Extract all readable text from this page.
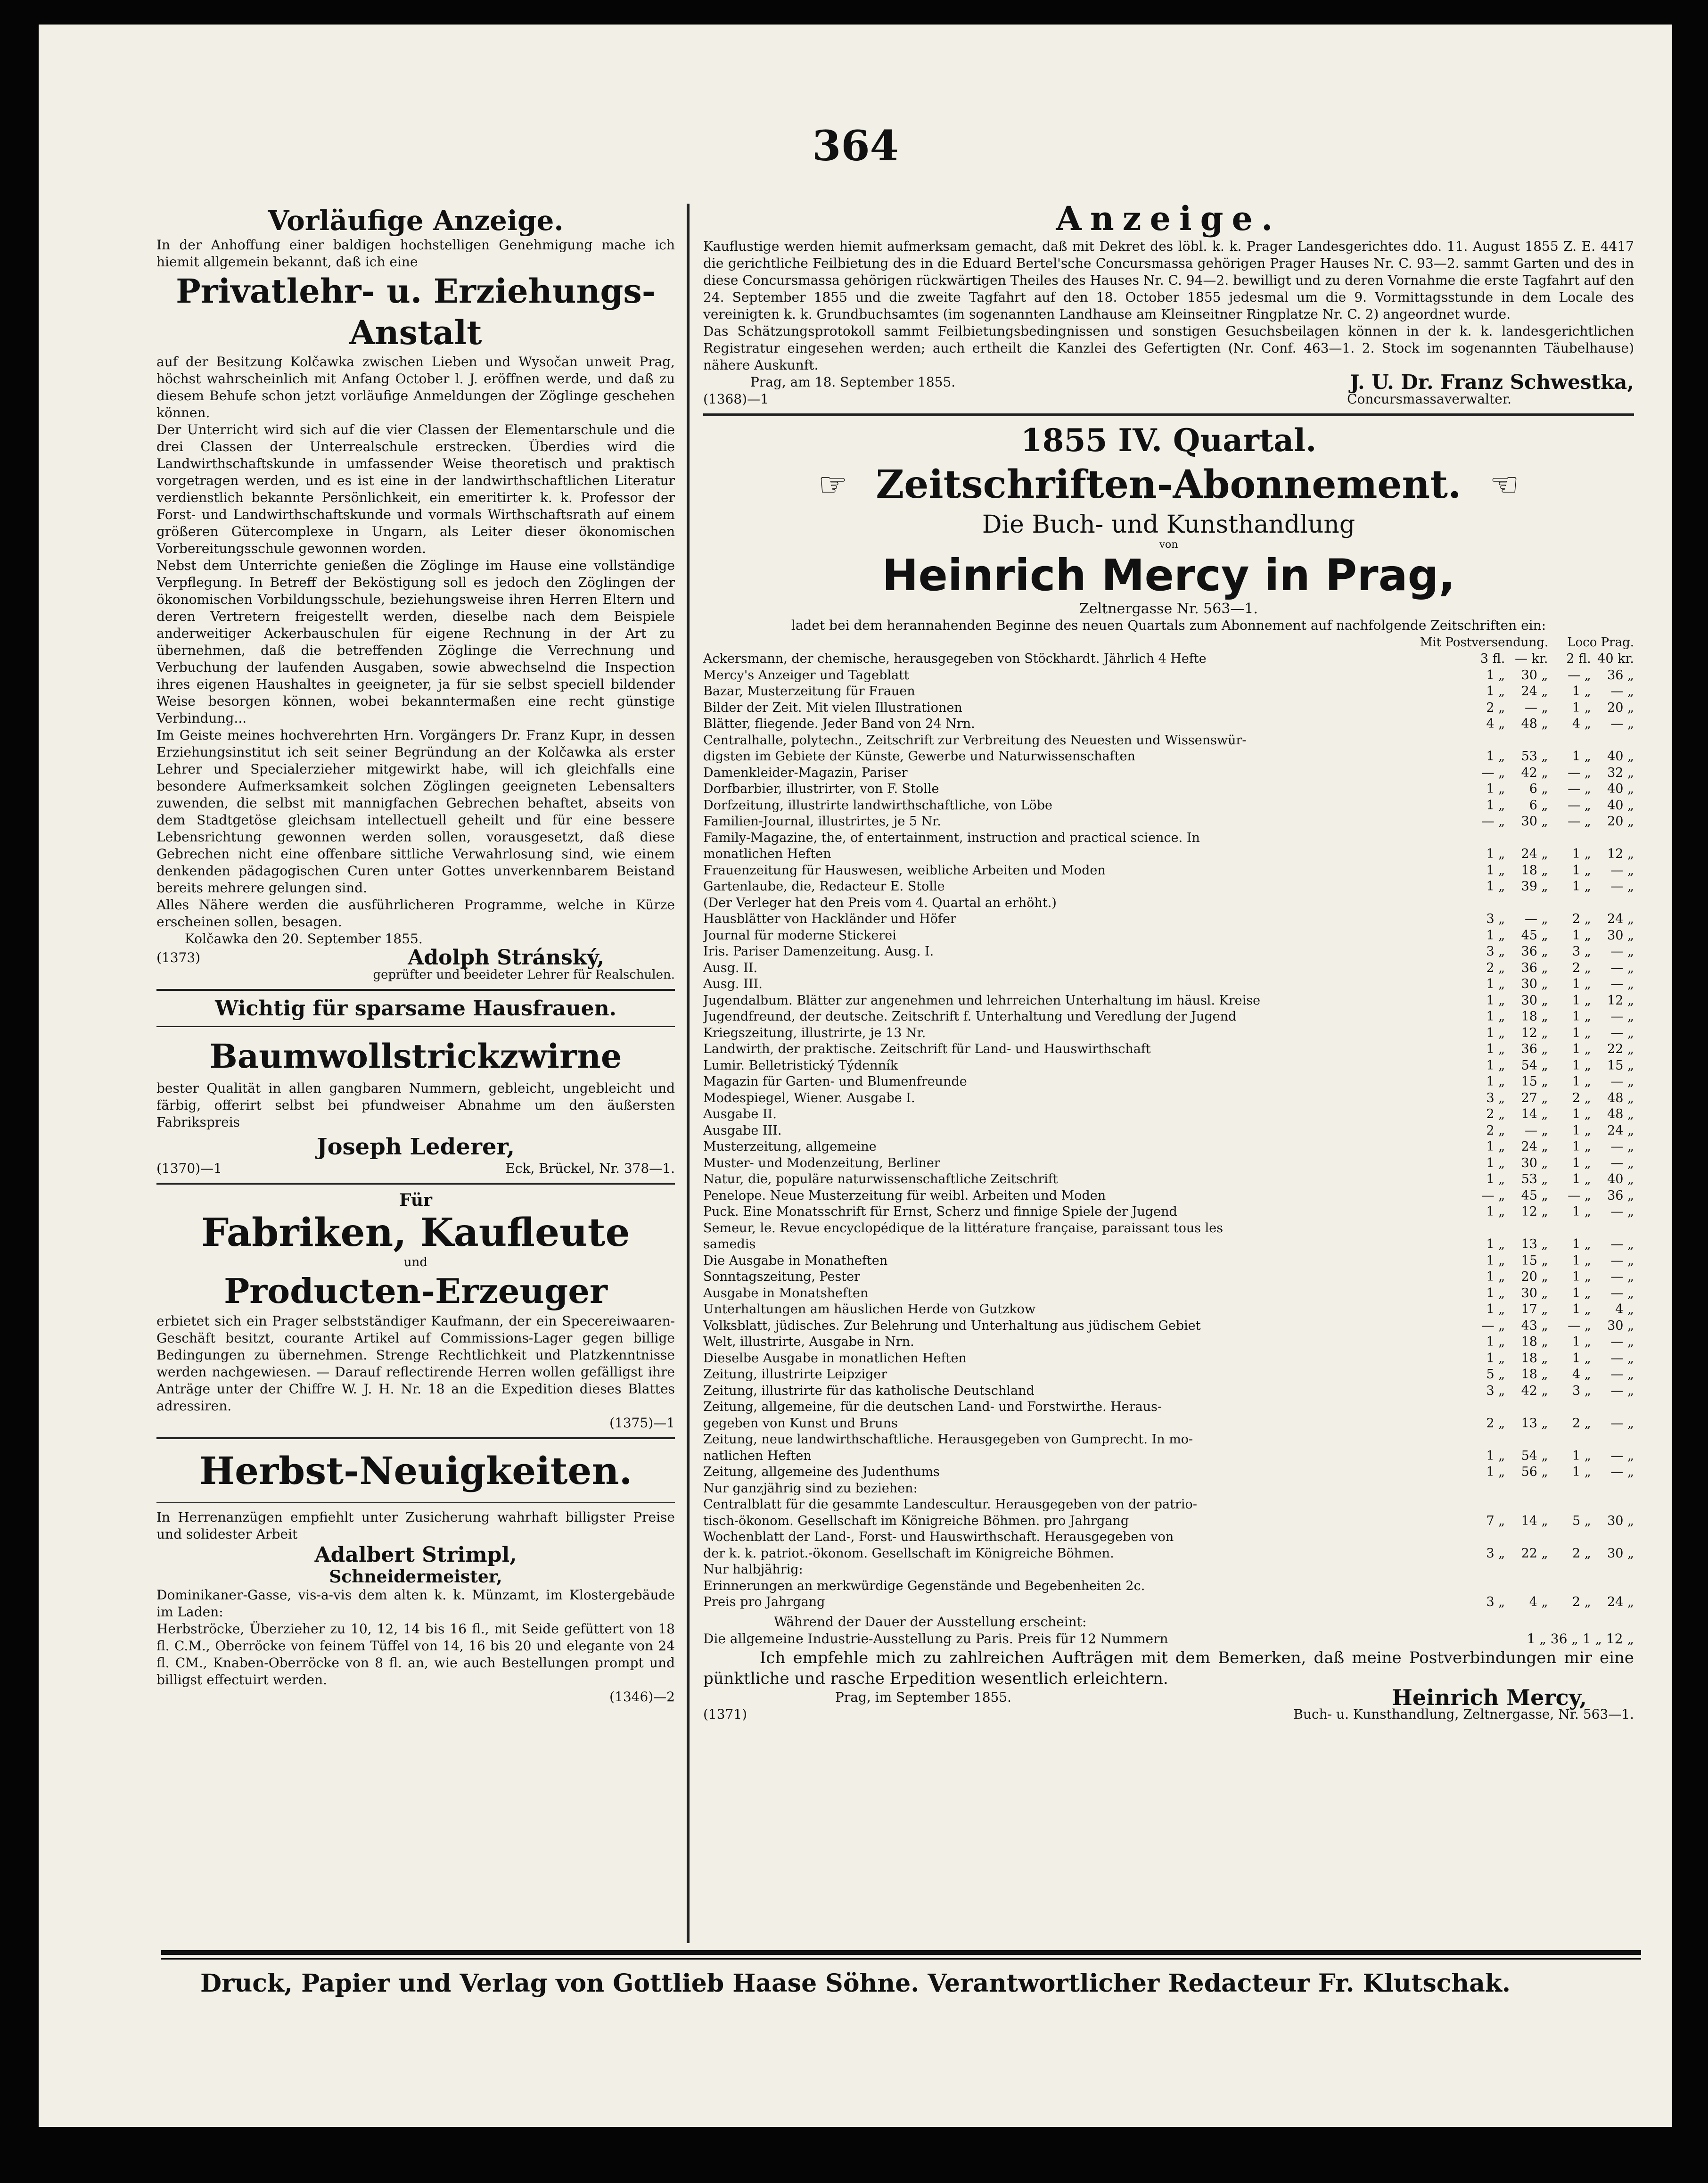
364
Vorläufige Anzeige.

In der Anhoffung einer baldigen hochstelligen Genehmigung mache ich hiemit allgemein bekannt, daß ich eine

Privatlehr- u. Erziehungs-Anstalt

auf der Besitzung Kolčawka zwischen Lieben und Wysočan unweit Prag, höchst wahrscheinlich mit Anfang October l. J. eröffnen werde, und daß zu diesem Behufe schon jetzt vorläufige Anmeldungen der Zöglinge geschehen können.

Der Unterricht wird sich auf die vier Classen der Elementarschule und die drei Classen der Unterrealschule erstrecken. Überdies wird die Landwirthschaftskunde in umfassender Weise theoretisch und praktisch vorgetragen werden, und es ist eine in der landwirthschaftlichen Literatur verdienstlich bekannte Persönlichkeit, ein emeritirter k. k. Professor der Forst- und Landwirthschaftskunde und vormals Wirthschaftsrath auf einem größeren Gütercomplexe in Ungarn, als Leiter dieser ökonomischen Vorbereitungsschule gewonnen worden.

Nebst dem Unterrichte genießen die Zöglinge im Hause eine vollständige Verpflegung. In Betreff der Beköstigung soll es jedoch den Zöglingen der ökonomischen Vorbildungsschule, beziehungsweise ihren Herren Eltern und deren Vertretern freigestellt werden, dieselbe nach dem Beispiele anderweitiger Ackerbauschulen für eigene Rechnung in der Art zu übernehmen, daß die betreffenden Zöglinge die Verrechnung und Verbuchung der laufenden Ausgaben, sowie abwechselnd die Inspection ihres eigenen Haushaltes in geeigneter, ja für sie selbst speciell bildender Weise besorgen können, wobei bekanntermaßen eine recht günstige Verbindung...

Im Geiste meines hochverehrten Hrn. Vorgängers Dr. Franz Kupr, in dessen Erziehungsinstitut ich seit seiner Begründung an der Kolčawka als erster Lehrer und Specialerzieher mitgewirkt habe, will ich gleichfalls eine besondere Aufmerksamkeit solchen Zöglingen geeigneten Lebensalters zuwenden, die selbst mit mannigfachen Gebrechen behaftet, abseits von dem Stadtgetöse gleichsam intellectuell geheilt und für eine bessere Lebensrichtung gewonnen werden sollen, vorausgesetzt, daß diese Gebrechen nicht eine offenbare sittliche Verwahrlosung sind, wie einem denkenden pädagogischen Curen unter Gottes unverkennbarem Beistand bereits mehrere gelungen sind.

Alles Nähere werden die ausführlicheren Programme, welche in Kürze erscheinen sollen, besagen.

Kolčawka den 20. September 1855.

(1373)	Adolph Stránský,

geprüfter und beeideter Lehrer für Realschulen.

Wichtig für sparsame Hausfrauen.
Baumwollstrickzwirne

bester Qualität in allen gangbaren Nummern, gebleicht, ungebleicht und färbig, offerirt selbst bei pfundweiser Abnahme um den äußersten Fabrikspreis

Joseph Lederer,

(1370)—1	Eck, Brückel, Nr. 378—1.

Für

Fabriken, Kaufleute

und

Producten-Erzeuger

erbietet sich ein Prager selbstständiger Kaufmann, der ein Specereiwaaren-Geschäft besitzt, courante Artikel auf Commissions-Lager gegen billige Bedingungen zu übernehmen. Strenge Rechtlichkeit und Platzkenntnisse werden nachgewiesen. — Darauf reflectirende Herren wollen gefälligst ihre Anträge unter der Chiffre W. J. H. Nr. 18 an die Expedition dieses Blattes adressiren.

(1375)—1

Herbst-Neuigkeiten.

In Herrenanzügen empfiehlt unter Zusicherung wahrhaft billigster Preise und solidester Arbeit

Adalbert Strimpl,

Schneidermeister,

Dominikaner-Gasse, vis-a-vis dem alten k. k. Münzamt, im Klostergebäude im Laden:

Herbströcke, Überzieher zu 10, 12, 14 bis 16 fl., mit Seide gefüttert von 18 fl. C.M., Oberröcke von feinem Tüffel von 14, 16 bis 20 und elegante von 24 fl. CM., Knaben-Oberröcke von 8 fl. an, wie auch Bestellungen prompt und billigst effectuirt werden.

(1346)—2

Anzeige.

Kauflustige werden hiemit aufmerksam gemacht, daß mit Dekret des löbl. k. k. Prager Landesgerichtes ddo. 11. August 1855 Z. E. 4417 die gerichtliche Feilbietung des in die Eduard Bertel'sche Concursmassa gehörigen Prager Hauses Nr. C. 93—2. sammt Garten und des in diese Concursmassa gehörigen rückwärtigen Theiles des Hauses Nr. C. 94—2. bewilligt und zu deren Vornahme die erste Tagfahrt auf den 24. September 1855 und die zweite Tagfahrt auf den 18. October 1855 jedesmal um die 9. Vormittagsstunde in dem Locale des vereinigten k. k. Grundbuchsamtes (im sogenannten Landhause am Kleinseitner Ringplatze Nr. C. 2) angeordnet wurde.

Das Schätzungsprotokoll sammt Feilbietungsbedingnissen und sonstigen Gesuchsbeilagen können in der k. k. landesgerichtlichen Registratur eingesehen werden; auch ertheilt die Kanzlei des Gefertigten (Nr. Conf. 463—1. 2. Stock im sogenannten Täubelhause) nähere Auskunft.

Prag, am 18. September 1855.	J. U. Dr. Franz Schwestka,
(1368)—1	Concursmassaverwalter.
1855 IV. Quartal.
☞ Zeitschriften-Abonnement. ☜

Die Buch- und Kunsthandlung

von

Heinrich Mercy in Prag,

Zeltnergasse Nr. 563—1.

ladet bei dem herannahenden Beginne des neuen Quartals zum Abonnement auf nachfolgende Zeitschriften ein:

Mit Postversendung. Loco Prag.
Ackersmann, der chemische, herausgegeben von Stöckhardt. Jährlich 4 Hefte	3 fl.	— kr.	2 fl.	40 kr.
Mercy's Anzeiger und Tageblatt	1 „	30 „	— „	36 „
Bazar, Musterzeitung für Frauen	1 „	24 „	1 „	— „
Bilder der Zeit. Mit vielen Illustrationen	2 „	— „	1 „	20 „
Blätter, fliegende. Jeder Band von 24 Nrn.	4 „	48 „	4 „	— „
Centralhalle, polytechn., Zeitschrift zur Verbreitung des Neuesten und Wissenswür-				
digsten im Gebiete der Künste, Gewerbe und Naturwissenschaften	1 „	53 „	1 „	40 „
Damenkleider-Magazin, Pariser	— „	42 „	— „	32 „
Dorfbarbier, illustrirter, von F. Stolle	1 „	6 „	— „	40 „
Dorfzeitung, illustrirte landwirthschaftliche, von Löbe	1 „	6 „	— „	40 „
Familien-Journal, illustrirtes, je 5 Nr.	— „	30 „	— „	20 „
Family-Magazine, the, of entertainment, instruction and practical science. In				
monatlichen Heften	1 „	24 „	1 „	12 „
Frauenzeitung für Hauswesen, weibliche Arbeiten und Moden	1 „	18 „	1 „	— „
Gartenlaube, die, Redacteur E. Stolle	1 „	39 „	1 „	— „
(Der Verleger hat den Preis vom 4. Quartal an erhöht.)				
Hausblätter von Hackländer und Höfer	3 „	— „	2 „	24 „
Journal für moderne Stickerei	1 „	45 „	1 „	30 „
Iris. Pariser Damenzeitung. Ausg. I.	3 „	36 „	3 „	— „
Ausg. II.	2 „	36 „	2 „	— „
Ausg. III.	1 „	30 „	1 „	— „
Jugendalbum. Blätter zur angenehmen und lehrreichen Unterhaltung im häusl. Kreise	1 „	30 „	1 „	12 „
Jugendfreund, der deutsche. Zeitschrift f. Unterhaltung und Veredlung der Jugend	1 „	18 „	1 „	— „
Kriegszeitung, illustrirte, je 13 Nr.	1 „	12 „	1 „	— „
Landwirth, der praktische. Zeitschrift für Land- und Hauswirthschaft	1 „	36 „	1 „	22 „
Lumir. Belletristický Týdenník	1 „	54 „	1 „	15 „
Magazin für Garten- und Blumenfreunde	1 „	15 „	1 „	— „
Modespiegel, Wiener. Ausgabe I.	3 „	27 „	2 „	48 „
Ausgabe II.	2 „	14 „	1 „	48 „
Ausgabe III.	2 „	— „	1 „	24 „
Musterzeitung, allgemeine	1 „	24 „	1 „	— „
Muster- und Modenzeitung, Berliner	1 „	30 „	1 „	— „
Natur, die, populäre naturwissenschaftliche Zeitschrift	1 „	53 „	1 „	40 „
Penelope. Neue Musterzeitung für weibl. Arbeiten und Moden	— „	45 „	— „	36 „
Puck. Eine Monatsschrift für Ernst, Scherz und finnige Spiele der Jugend	1 „	12 „	1 „	— „
Semeur, le. Revue encyclopédique de la littérature française, paraissant tous les				
samedis	1 „	13 „	1 „	— „
Die Ausgabe in Monatheften	1 „	15 „	1 „	— „
Sonntagszeitung, Pester	1 „	20 „	1 „	— „
Ausgabe in Monatsheften	1 „	30 „	1 „	— „
Unterhaltungen am häuslichen Herde von Gutzkow	1 „	17 „	1 „	4 „
Volksblatt, jüdisches. Zur Belehrung und Unterhaltung aus jüdischem Gebiet	— „	43 „	— „	30 „
Welt, illustrirte, Ausgabe in Nrn.	1 „	18 „	1 „	— „
Dieselbe Ausgabe in monatlichen Heften	1 „	18 „	1 „	— „
Zeitung, illustrirte Leipziger	5 „	18 „	4 „	— „
Zeitung, illustrirte für das katholische Deutschland	3 „	42 „	3 „	— „
Zeitung, allgemeine, für die deutschen Land- und Forstwirthe. Heraus-				
gegeben von Kunst und Bruns	2 „	13 „	2 „	— „
Zeitung, neue landwirthschaftliche. Herausgegeben von Gumprecht. In mo-				
natlichen Heften	1 „	54 „	1 „	— „
Zeitung, allgemeine des Judenthums	1 „	56 „	1 „	— „
Nur ganzjährig sind zu beziehen:				
Centralblatt für die gesammte Landescultur. Herausgegeben von der patrio-				
tisch-ökonom. Gesellschaft im Königreiche Böhmen. pro Jahrgang	7 „	14 „	5 „	30 „
Wochenblatt der Land-, Forst- und Hauswirthschaft. Herausgegeben von				
der k. k. patriot.-ökonom. Gesellschaft im Königreiche Böhmen.	3 „	22 „	2 „	30 „
Nur halbjährig:				
Erinnerungen an merkwürdige Gegenstände und Begebenheiten 2c.				
Preis pro Jahrgang	3 „	4 „	2 „	24 „

Während der Dauer der Ausstellung erscheint:

Die allgemeine Industrie-Ausstellung zu Paris. Preis für 12 Nummern	1 „ 36 „ 1 „ 12 „

Ich empfehle mich zu zahlreichen Aufträgen mit dem Bemerken, daß meine Postverbindungen mir eine pünktliche und rasche Erpedition wesentlich erleichtern.

Prag, im September 1855.	Heinrich Mercy,
(1371)	Buch- u. Kunsthandlung, Zeltnergasse, Nr. 563—1.
Druck, Papier und Verlag von Gottlieb Haase Söhne. Verantwortlicher Redacteur Fr. Klutschak.
